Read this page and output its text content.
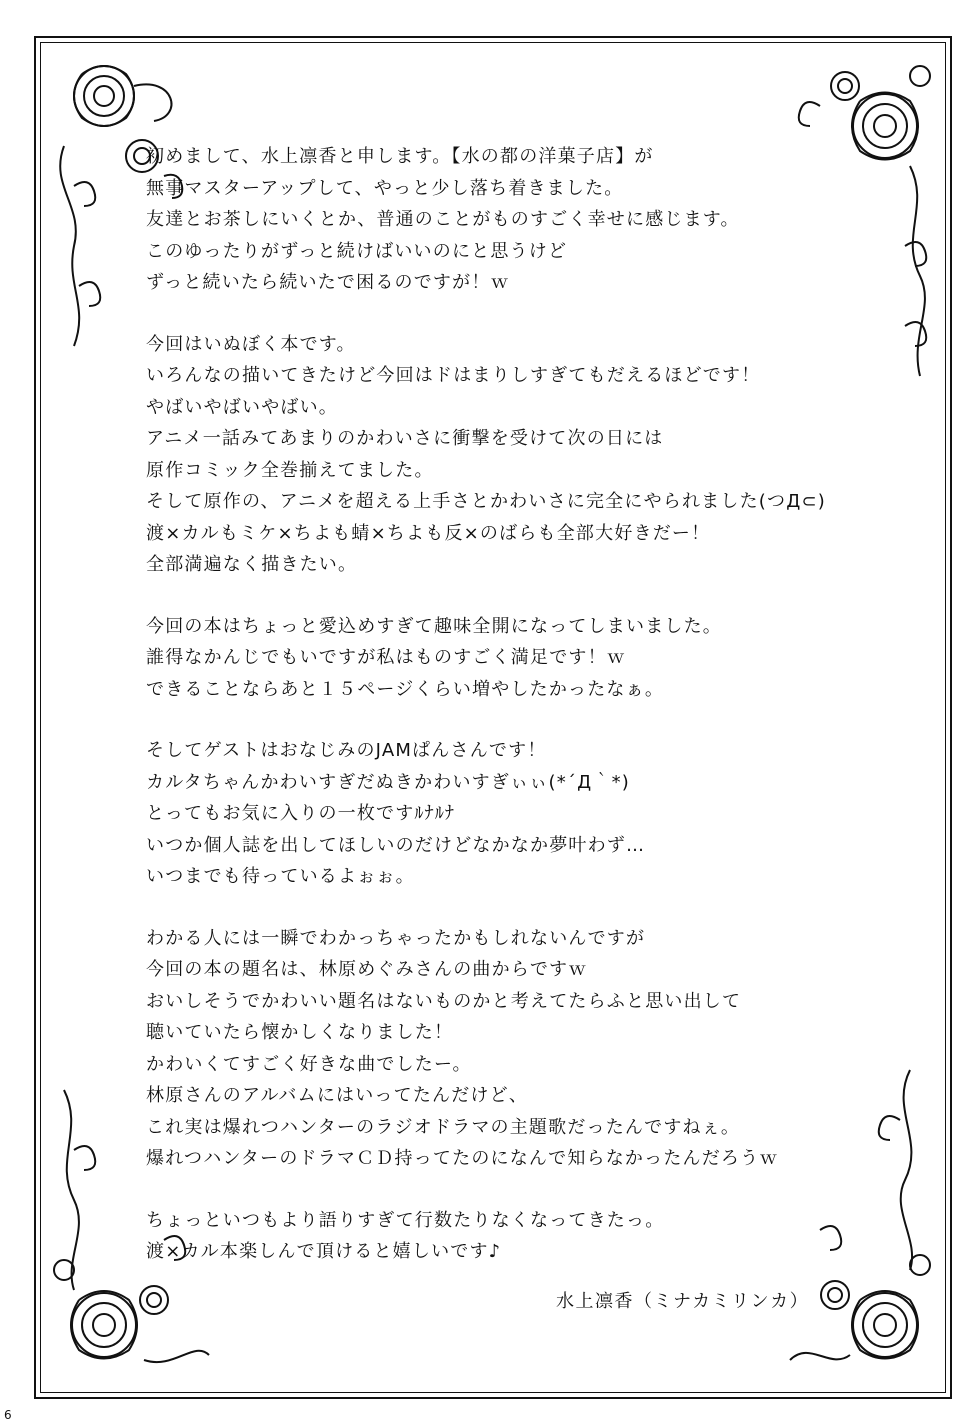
初めまして、水上凛香と申します。【水の都の洋菓子店】が
無事マスターアップして、やっと少し落ち着きました。
友達とお茶しにいくとか、普通のことがものすごく幸せに感じます。
このゆったりがずっと続けばいいのにと思うけど
ずっと続いたら続いたで困るのですが！ｗ
今回はいぬぼく本です。
いろんなの描いてきたけど今回はドはまりしすぎてもだえるほどです！
やばいやばいやばい。
アニメ一話みてあまりのかわいさに衝撃を受けて次の日には
原作コミック全巻揃えてました。
そして原作の、アニメを超える上手さとかわいさに完全にやられました(つД⊂)
渡×カルもミケ×ちよも蜻×ちよも反×のばらも全部大好きだー！
全部満遍なく描きたい。
今回の本はちょっと愛込めすぎて趣味全開になってしまいました。
誰得なかんじでもいですが私はものすごく満足です！ｗ
できることならあと１５ページくらい増やしたかったなぁ。
そしてゲストはおなじみのJAMぱんさんです！
カルタちゃんかわいすぎだぬきかわいすぎぃぃ(*´Д｀*)
とってもお気に入りの一枚ですﾙﾅﾙﾅ
いつか個人誌を出してほしいのだけどなかなか夢叶わず…
いつまでも待っているよぉぉ。
わかる人には一瞬でわかっちゃったかもしれないんですが
今回の本の題名は、林原めぐみさんの曲からですｗ
おいしそうでかわいい題名はないものかと考えてたらふと思い出して
聴いていたら懐かしくなりました！
かわいくてすごく好きな曲でしたー。
林原さんのアルバムにはいってたんだけど、
これ実は爆れつハンターのラジオドラマの主題歌だったんですねぇ。
爆れつハンターのドラマＣＤ持ってたのになんで知らなかったんだろうｗ
ちょっといつもより語りすぎて行数たりなくなってきたっ。
渡×カル本楽しんで頂けると嬉しいです♪
水上凛香（ミナカミリンカ）
6
